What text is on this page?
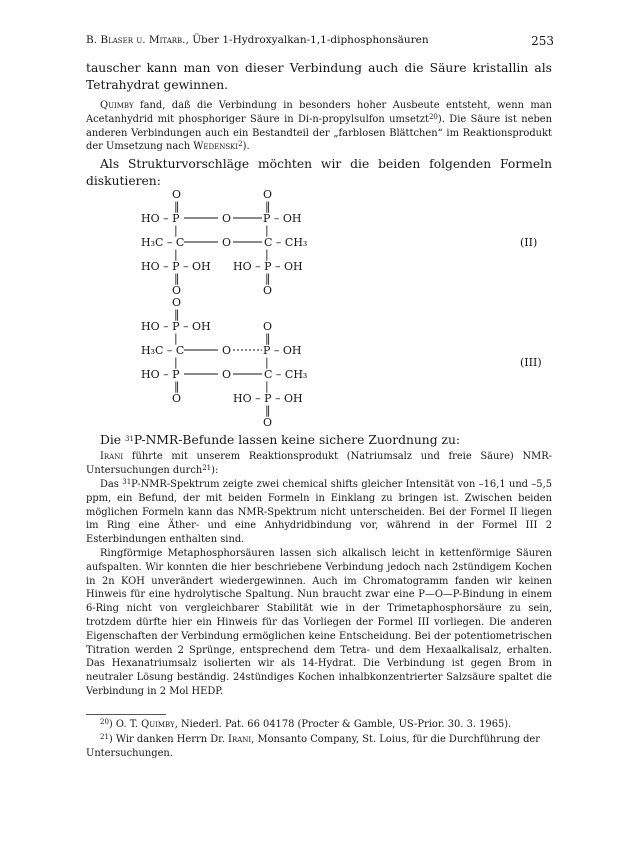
B. Blaser u. Mitarb., Über 1-Hydroxyalkan-1,1-diphosphonsäuren	253

tauscher kann man von dieser Verbindung auch die Säure kristallin als Tetrahydrat gewinnen.

Quimby fand, daß die Verbindung in besonders hoher Ausbeute entsteht, wenn man Acetanhydrid mit phosphoriger Säure in Di-n-propylsulfon umsetzt$^{20}$). Die Säure ist neben anderen Verbindungen auch ein Bestandteil der „farblosen Blättchen“ im Reaktionsprodukt der Umsetzung nach Wedenski$^2$).

Als Strukturvorschläge möchten wir die beiden folgenden Formeln diskutieren:

O	O
‖	‖
HO – P	O	P – OH
|	|
H₃C – C	O	C – CH₃
|	|
HO – P – OH HO – P – OH
‖	‖
O	O
(II)
O
‖
HO – P – OH	O
|	‖
H₃C – C	O	P – OH
|	|
HO – P	O	C – CH₃
‖	|
O	HO – P – OH
‖
O
(III)

Die $^{31}$P-NMR-Befunde lassen keine sichere Zuordnung zu:

Irani führte mit unserem Reaktionsprodukt (Natriumsalz und freie Säure) NMR-Untersuchungen durch$^{21}$):

Das $^{31}$P-NMR-Spektrum zeigte zwei chemical shifts gleicher Intensität von –16,1 und –5,5 ppm, ein Befund, der mit beiden Formeln in Einklang zu bringen ist. Zwischen beiden möglichen Formeln kann das NMR-Spektrum nicht unterscheiden. Bei der Formel II liegen im Ring eine Äther- und eine Anhydridbindung vor, während in der Formel III 2 Esterbindungen enthalten sind.

Ringförmige Metaphosphorsäuren lassen sich alkalisch leicht in kettenförmige Säuren aufspalten. Wir konnten die hier beschriebene Verbindung jedoch nach 2stündigem Kochen in 2n KOH unverändert wiedergewinnen. Auch im Chromatogramm fanden wir keinen Hinweis für eine hydrolytische Spaltung. Nun braucht zwar eine P—O—P-Bindung in einem 6-Ring nicht von vergleichbarer Stabilität wie in der Trimetaphosphorsäure zu sein, trotzdem dürfte hier ein Hinweis für das Vorliegen der Formel III vorliegen. Die anderen Eigenschaften der Verbindung ermöglichen keine Entscheidung. Bei der potentiometrischen Titration werden 2 Sprünge, entsprechend dem Tetra- und dem Hexaalkalisalz, erhalten. Das Hexanatriumsalz isolierten wir als 14-Hydrat. Die Verbindung ist gegen Brom in neutraler Lösung beständig. 24stündiges Kochen inhalbkonzentrierter Salzsäure spaltet die Verbindung in 2 Mol HEDP.

$^{20}$) O. T. Quimby, Niederl. Pat. 66 04178 (Procter & Gamble, US-Prior. 30. 3. 1965).

$^{21}$) Wir danken Herrn Dr. Irani, Monsanto Company, St. Loius, für die Durchführung der Untersuchungen.
